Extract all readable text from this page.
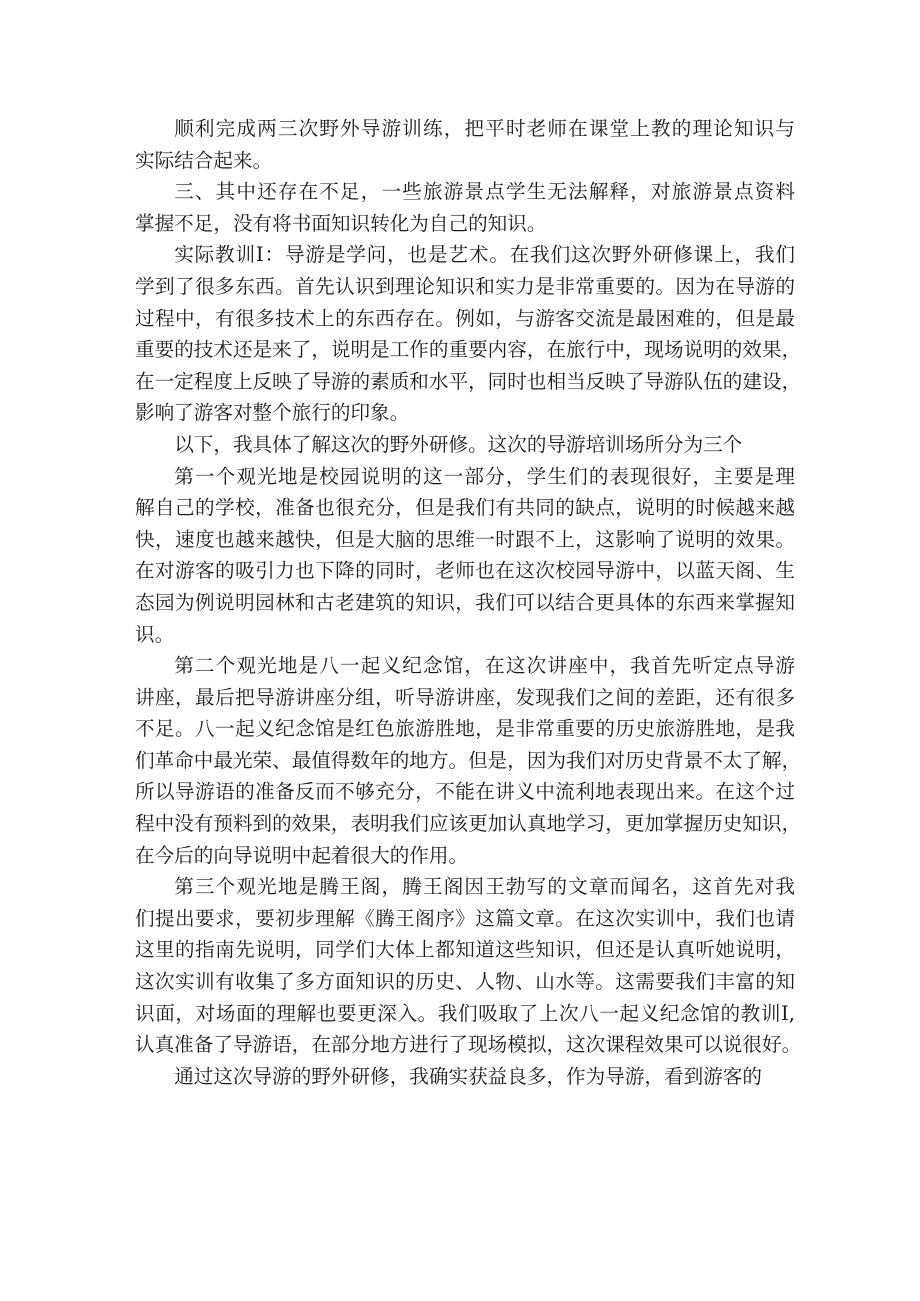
顺利完成两三次野外导游训练，把平时老师在课堂上教的理论知识与
实际结合起来。
三、其中还存在不足，一些旅游景点学生无法解释，对旅游景点资料
掌握不足，没有将书面知识转化为自己的知识。
实际教训I：导游是学问，也是艺术。在我们这次野外研修课上，我们
学到了很多东西。首先认识到理论知识和实力是非常重要的。因为在导游的
过程中，有很多技术上的东西存在。例如，与游客交流是最困难的，但是最
重要的技术还是来了，说明是工作的重要内容，在旅行中，现场说明的效果，
在一定程度上反映了导游的素质和水平，同时也相当反映了导游队伍的建设，
影响了游客对整个旅行的印象。
以下，我具体了解这次的野外研修。这次的导游培训场所分为三个
第一个观光地是校园说明的这一部分，学生们的表现很好，主要是理
解自己的学校，准备也很充分，但是我们有共同的缺点，说明的时候越来越
快，速度也越来越快，但是大脑的思维一时跟不上，这影响了说明的效果。
在对游客的吸引力也下降的同时，老师也在这次校园导游中，以蓝天阁、生
态园为例说明园林和古老建筑的知识，我们可以结合更具体的东西来掌握知
识。
第二个观光地是八一起义纪念馆，在这次讲座中，我首先听定点导游
讲座，最后把导游讲座分组，听导游讲座，发现我们之间的差距，还有很多
不足。八一起义纪念馆是红色旅游胜地，是非常重要的历史旅游胜地，是我
们革命中最光荣、最值得数年的地方。但是，因为我们对历史背景不太了解，
所以导游语的准备反而不够充分，不能在讲义中流利地表现出来。在这个过
程中没有预料到的效果，表明我们应该更加认真地学习，更加掌握历史知识，
在今后的向导说明中起着很大的作用。
第三个观光地是腾王阁，腾王阁因王勃写的文章而闻名，这首先对我
们提出要求，要初步理解《腾王阁序》这篇文章。在这次实训中，我们也请
这里的指南先说明，同学们大体上都知道这些知识，但还是认真听她说明，
这次实训有收集了多方面知识的历史、人物、山水等。这需要我们丰富的知
识面，对场面的理解也要更深入。我们吸取了上次八一起义纪念馆的教训I,
认真准备了导游语，在部分地方进行了现场模拟，这次课程效果可以说很好。
通过这次导游的野外研修，我确实获益良多，作为导游，看到游客的
